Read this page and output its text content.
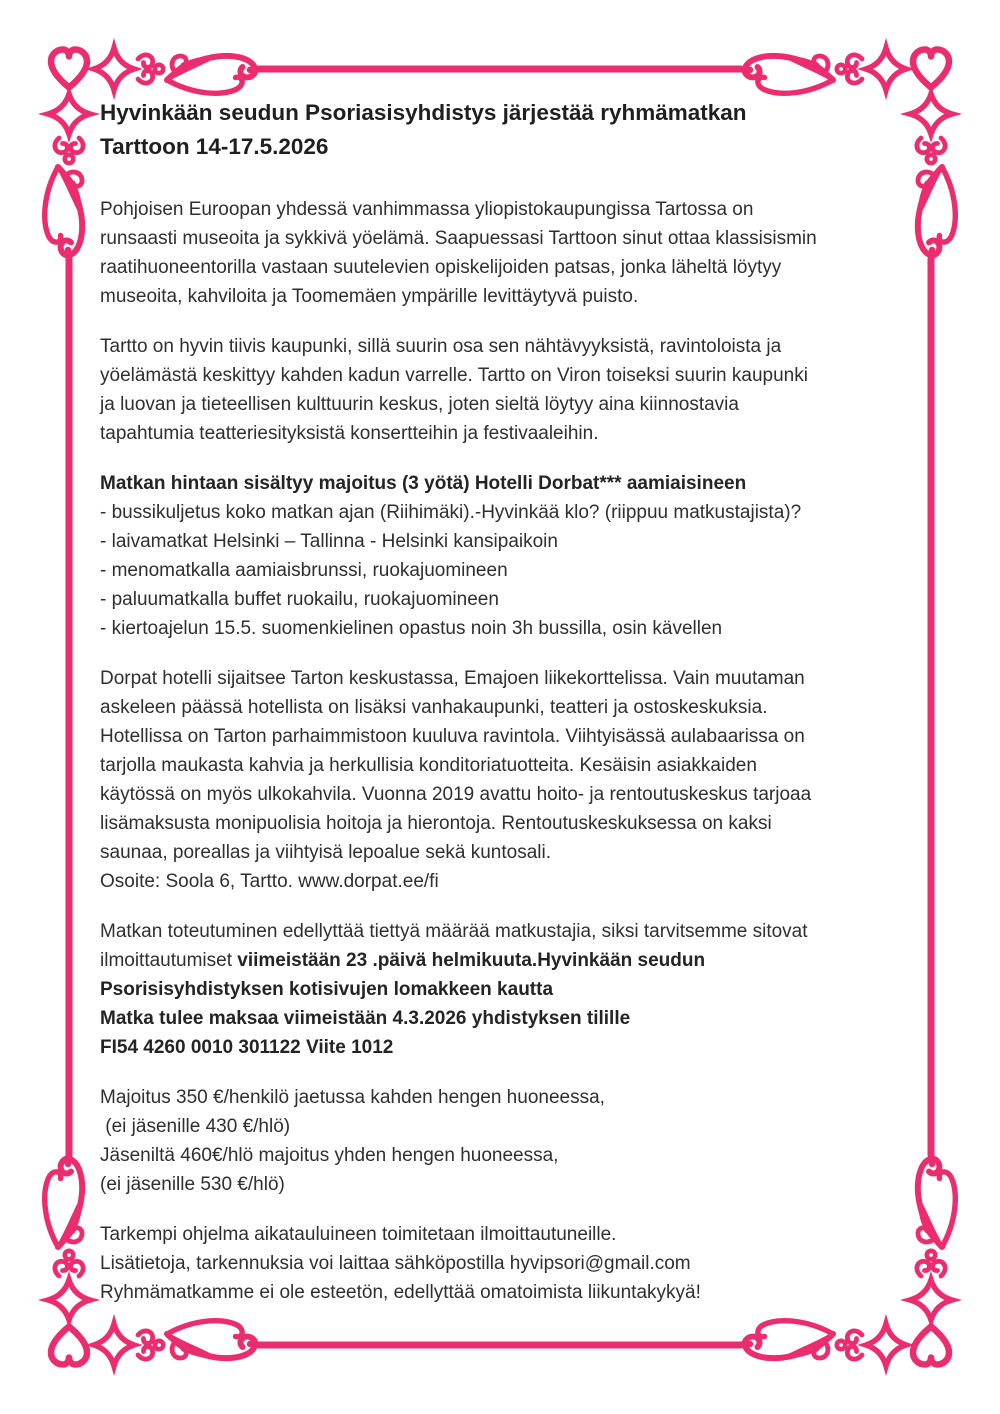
Hyvinkään seudun Psoriasisyhdistys järjestää ryhmämatkan
Tarttoon 14-17.5.2026

Pohjoisen Euroopan yhdessä vanhimmassa yliopistokaupungissa Tartossa on
runsaasti museoita ja sykkivä yöelämä. Saapuessasi Tarttoon sinut ottaa klassisismin
raatihuoneentorilla vastaan suutelevien opiskelijoiden patsas, jonka läheltä löytyy
museoita, kahviloita ja Toomemäen ympärille levittäytyvä puisto.

Tartto on hyvin tiivis kaupunki, sillä suurin osa sen nähtävyyksistä, ravintoloista ja
yöelämästä keskittyy kahden kadun varrelle. Tartto on Viron toiseksi suurin kaupunki
ja luovan ja tieteellisen kulttuurin keskus, joten sieltä löytyy aina kiinnostavia
tapahtumia teatteriesityksistä konsertteihin ja festivaaleihin.

Matkan hintaan sisältyy majoitus (3 yötä) Hotelli Dorbat*** aamiaisineen

- bussikuljetus koko matkan ajan (Riihimäki).-Hyvinkää klo? (riippuu matkustajista)?
- laivamatkat Helsinki – Tallinna - Helsinki kansipaikoin
- menomatkalla aamiaisbrunssi, ruokajuomineen
- paluumatkalla buffet ruokailu, ruokajuomineen
- kiertoajelun 15.5. suomenkielinen opastus noin 3h bussilla, osin kävellen

Dorpat hotelli sijaitsee Tarton keskustassa, Emajoen liikekorttelissa. Vain muutaman
askeleen päässä hotellista on lisäksi vanhakaupunki, teatteri ja ostoskeskuksia.
Hotellissa on Tarton parhaimmistoon kuuluva ravintola. Viihtyisässä aulabaarissa on
tarjolla maukasta kahvia ja herkullisia konditoriatuotteita. Kesäisin asiakkaiden
käytössä on myös ulkokahvila. Vuonna 2019 avattu hoito- ja rentoutuskeskus tarjoaa
lisämaksusta monipuolisia hoitoja ja hierontoja. Rentoutuskeskuksessa on kaksi
saunaa, poreallas ja viihtyisä lepoalue sekä kuntosali.
Osoite: Soola 6, Tartto. www.dorpat.ee/fi

Matkan toteutuminen edellyttää tiettyä määrää matkustajia, siksi tarvitsemme sitovat
ilmoittautumiset viimeistään 23 .päivä helmikuuta.Hyvinkään seudun
Psorisisyhdistyksen kotisivujen lomakkeen kautta
Matka tulee maksaa viimeistään 4.3.2026 yhdistyksen tilille
FI54 4260 0010 301122 Viite 1012

Majoitus 350 €/henkilö jaetussa kahden hengen huoneessa,
(ei jäsenille 430 €/hlö)
Jäseniltä 460€/hlö majoitus yhden hengen huoneessa,
(ei jäsenille 530 €/hlö)

Tarkempi ohjelma aikatauluineen toimitetaan ilmoittautuneille.
Lisätietoja, tarkennuksia voi laittaa sähköpostilla hyvipsori@gmail.com
Ryhmämatkamme ei ole esteetön, edellyttää omatoimista liikuntakykyä!
